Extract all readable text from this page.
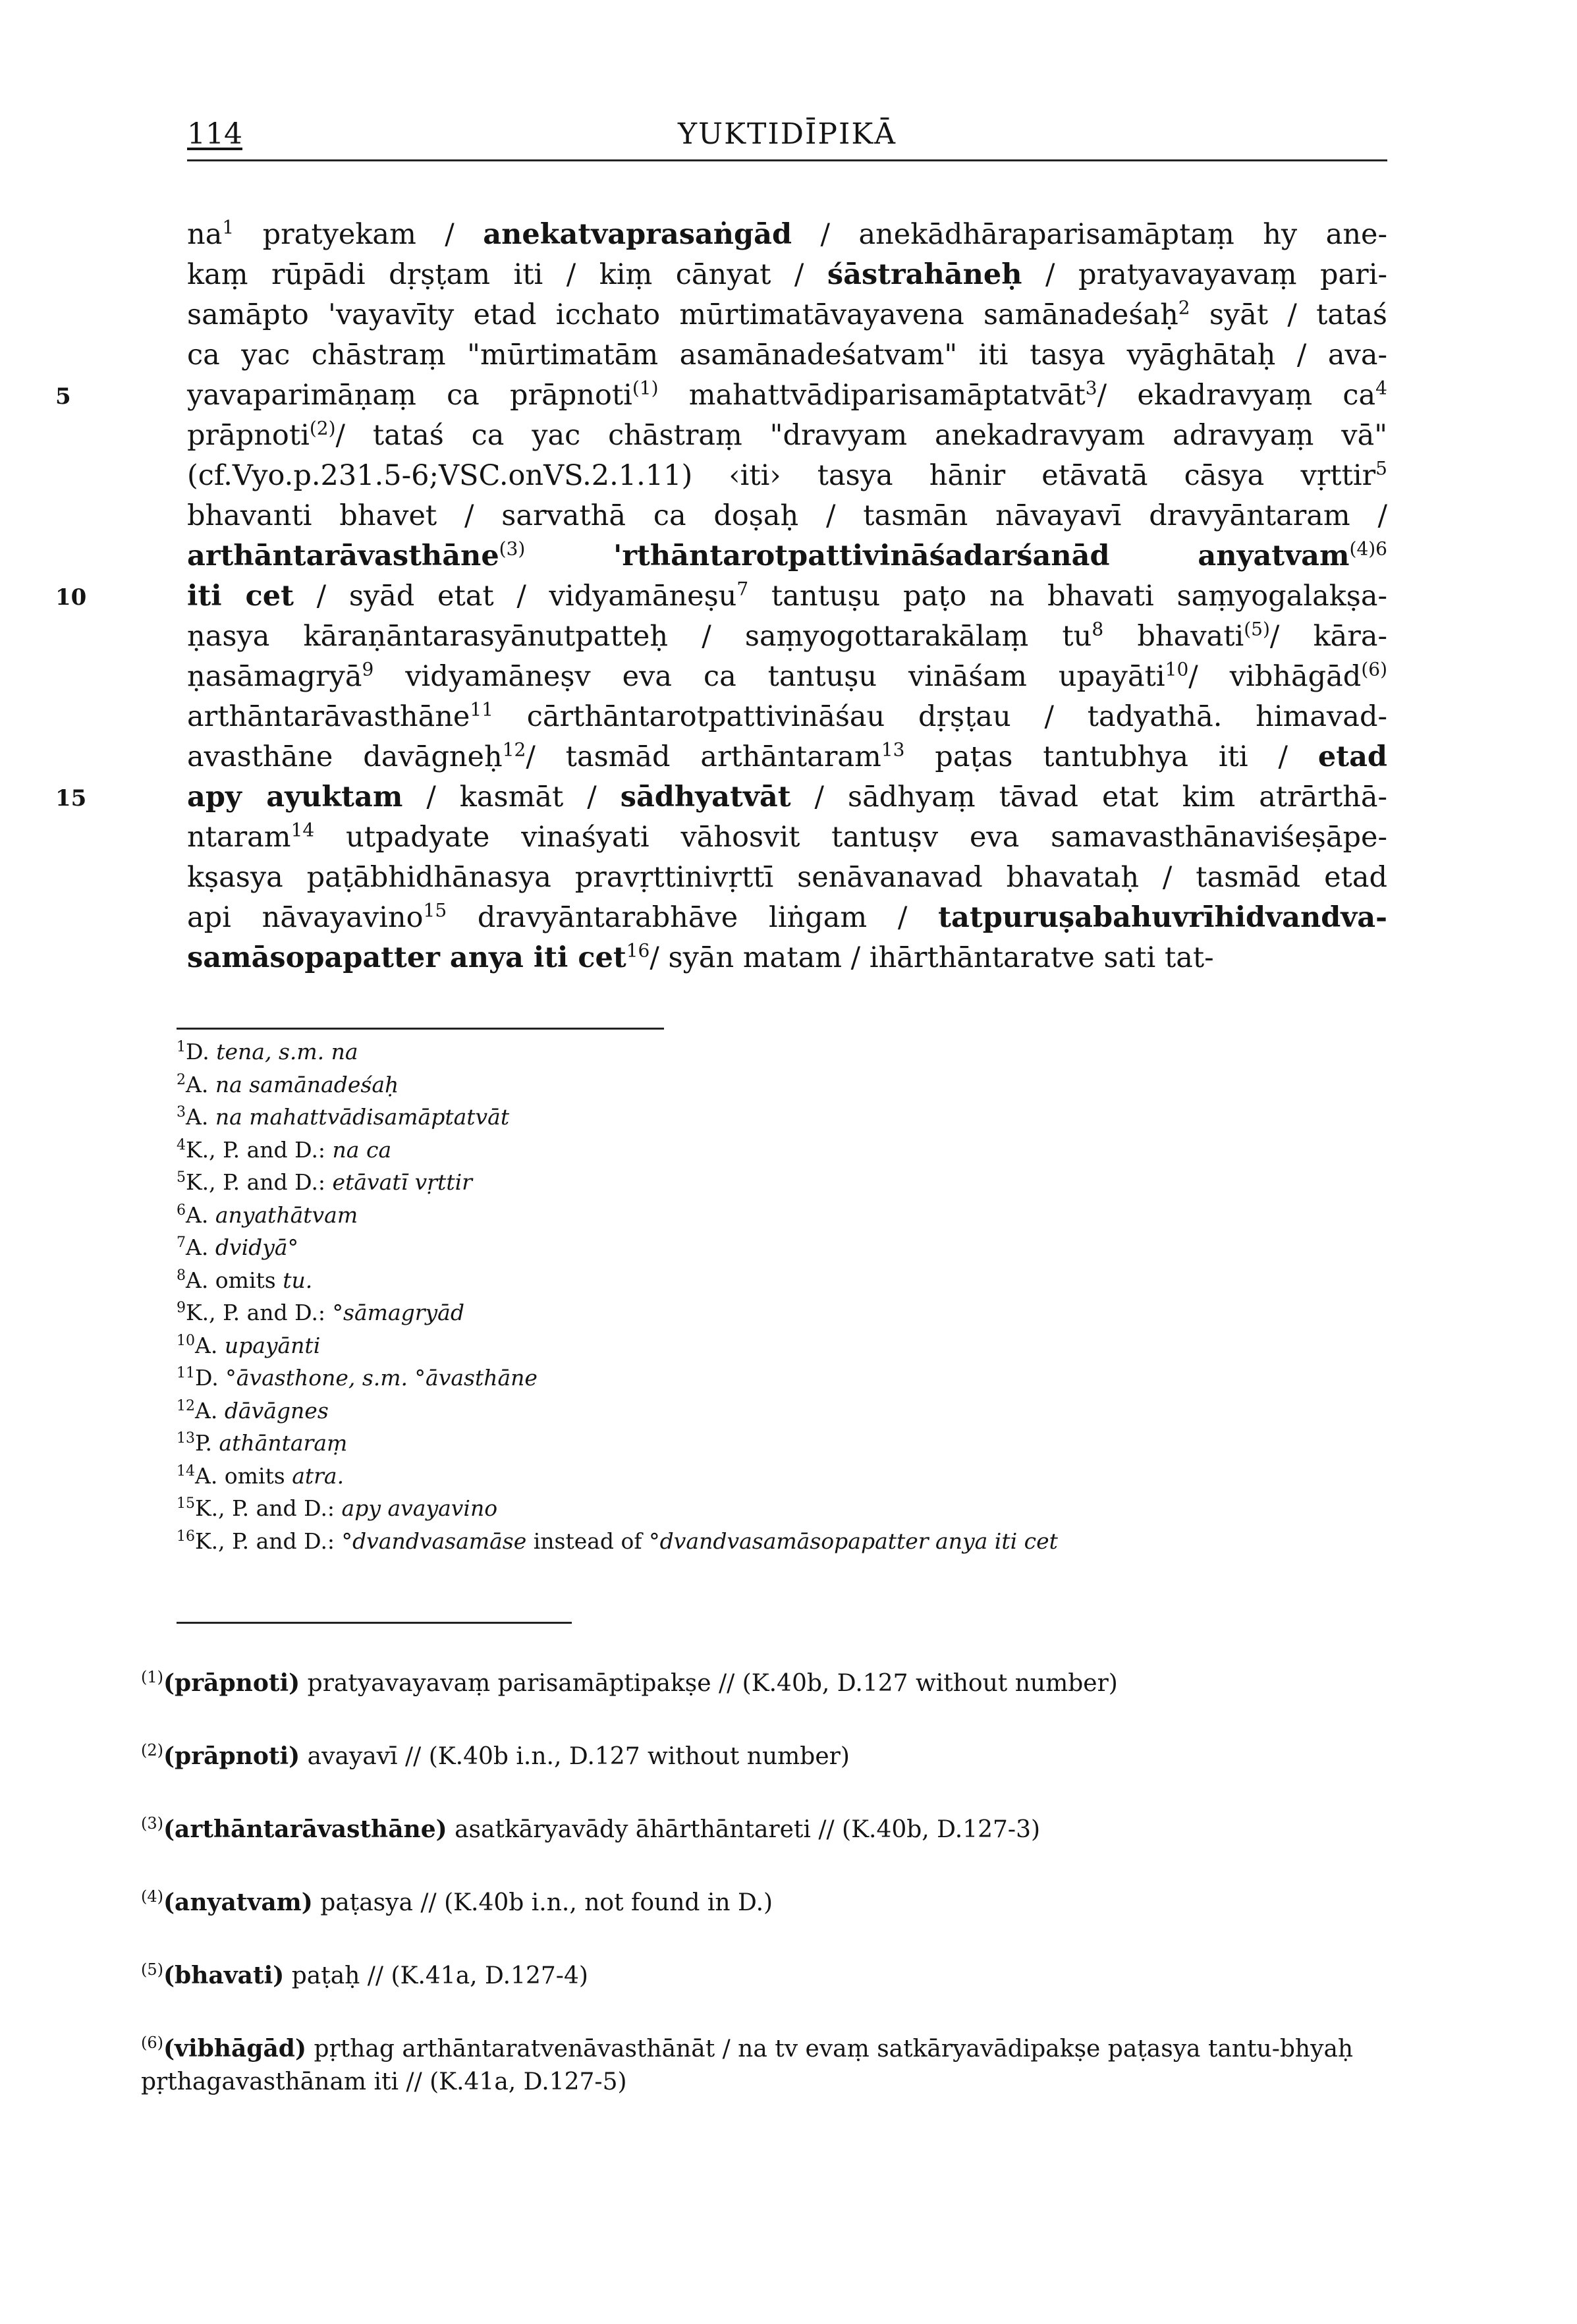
114	YUKTIDĪPIKĀ
$na^1$ pratyekam / anekatvaprasaṅgād / anekādhāraparisamāptaṃ hy ane-
kaṃ rūpādi dṛṣṭam iti / kiṃ cānyat / śāstrahāneḥ / pratyavayavaṃ pari-
samāpto 'vayavīty etad icchato mūrtimatāvayavena samānadeśaḥ$^2$ syāt / tataś
ca yac chāstraṃ "mūrtimatām asamānadeśatvam" iti tasya vyāghātaḥ / ava-
5	yavaparimāṇaṃ ca prāpnoti$^{(1)}$ mahattvādiparisamāptatvāt$^3$/ ekadravyaṃ $ca^4$
prāpnoti$^{(2)}$/ tataś ca yac chāstraṃ "dravyam anekadravyam adravyaṃ vā"
(cf.Vyo.p.231.5-6;VSC.onVS.2.1.11) ‹iti› tasya hānir etāvatā cāsya vṛttir$^5$
bhavanti bhavet / sarvathā ca doṣaḥ / tasmān nāvayavī dravyāntaram /
arthāntarāvasthāne$^{(3)}$ 'rthāntarotpattivināśadarśanād anyatvam$^{(4)6}$
10	iti cet / syād etat / vidyamāneṣu$^7$ tantuṣu paṭo na bhavati saṃyogalakṣa-
ṇasya kāraṇāntarasyānutpatteḥ / saṃyogottarakālaṃ $tu^8$ bhavati$^{(5)}$/ kāra-
ṇasāmagryā$^9$ vidyamāneṣv eva ca tantuṣu vināśam upayāti$^{10}$/ vibhāgād$^{(6)}$
arthāntarāvasthāne$^{11}$ cārthāntarotpattivināśau dṛṣṭau / tadyathā. himavad-
avasthāne davāgneḥ$^{12}$/ tasmād arthāntaram$^{13}$ paṭas tantubhya iti / etad
15	apy ayuktam / kasmāt / sādhyatvāt / sādhyaṃ tāvad etat kim atrārthā-
ntaram$^{14}$ utpadyate vinaśyati vāhosvit tantuṣv eva samavasthānaviśeṣāpe-
kṣasya paṭābhidhānasya pravṛttinivṛttī senāvanavad bhavataḥ / tasmād etad
api nāvayavino$^{15}$ dravyāntarabhāve liṅgam / tatpuruṣabahuvrīhidvandva-
samāsopapatter anya iti cet$^{16}$/ syān matam / ihārthāntaratve sati tat-
$^1$D. tena, s.m. na
$^2$A. na samānadeśaḥ
$^3$A. na mahattvādisamāptatvāt
$^4$K., P. and D.: na ca
$^5$K., P. and D.: etāvatī vṛttir
$^6$A. anyathātvam
$^7$A. dvidyā°
$^8$A. omits tu.
$^9$K., P. and D.: °sāmagryād
$^{10}$A. upayānti
$^{11}$D. °āvasthone, s.m. °āvasthāne
$^{12}$A. dāvāgnes
$^{13}$P. athāntaraṃ
$^{14}$A. omits atra.
$^{15}$K., P. and D.: apy avayavino
$^{16}$K., P. and D.: °dvandvasamāse instead of °dvandvasamāsopapatter anya iti cet
$^{(1)}$(prāpnoti) pratyavayavaṃ parisamāptipakṣe // (K.40b, D.127 without number)
$^{(2)}$(prāpnoti) avayavī // (K.40b i.n., D.127 without number)
$^{(3)}$(arthāntarāvasthāne) asatkāryavādy āhārthāntareti // (K.40b, D.127-3)
$^{(4)}$(anyatvam) paṭasya // (K.40b i.n., not found in D.)
$^{(5)}$(bhavati) paṭaḥ // (K.41a, D.127-4)
$^{(6)}$(vibhāgād) pṛthag arthāntaratvenāvasthānāt / na tv evaṃ satkāryavādipakṣe paṭasya tantu-bhyaḥ pṛthagavasthānam iti // (K.41a, D.127-5)
